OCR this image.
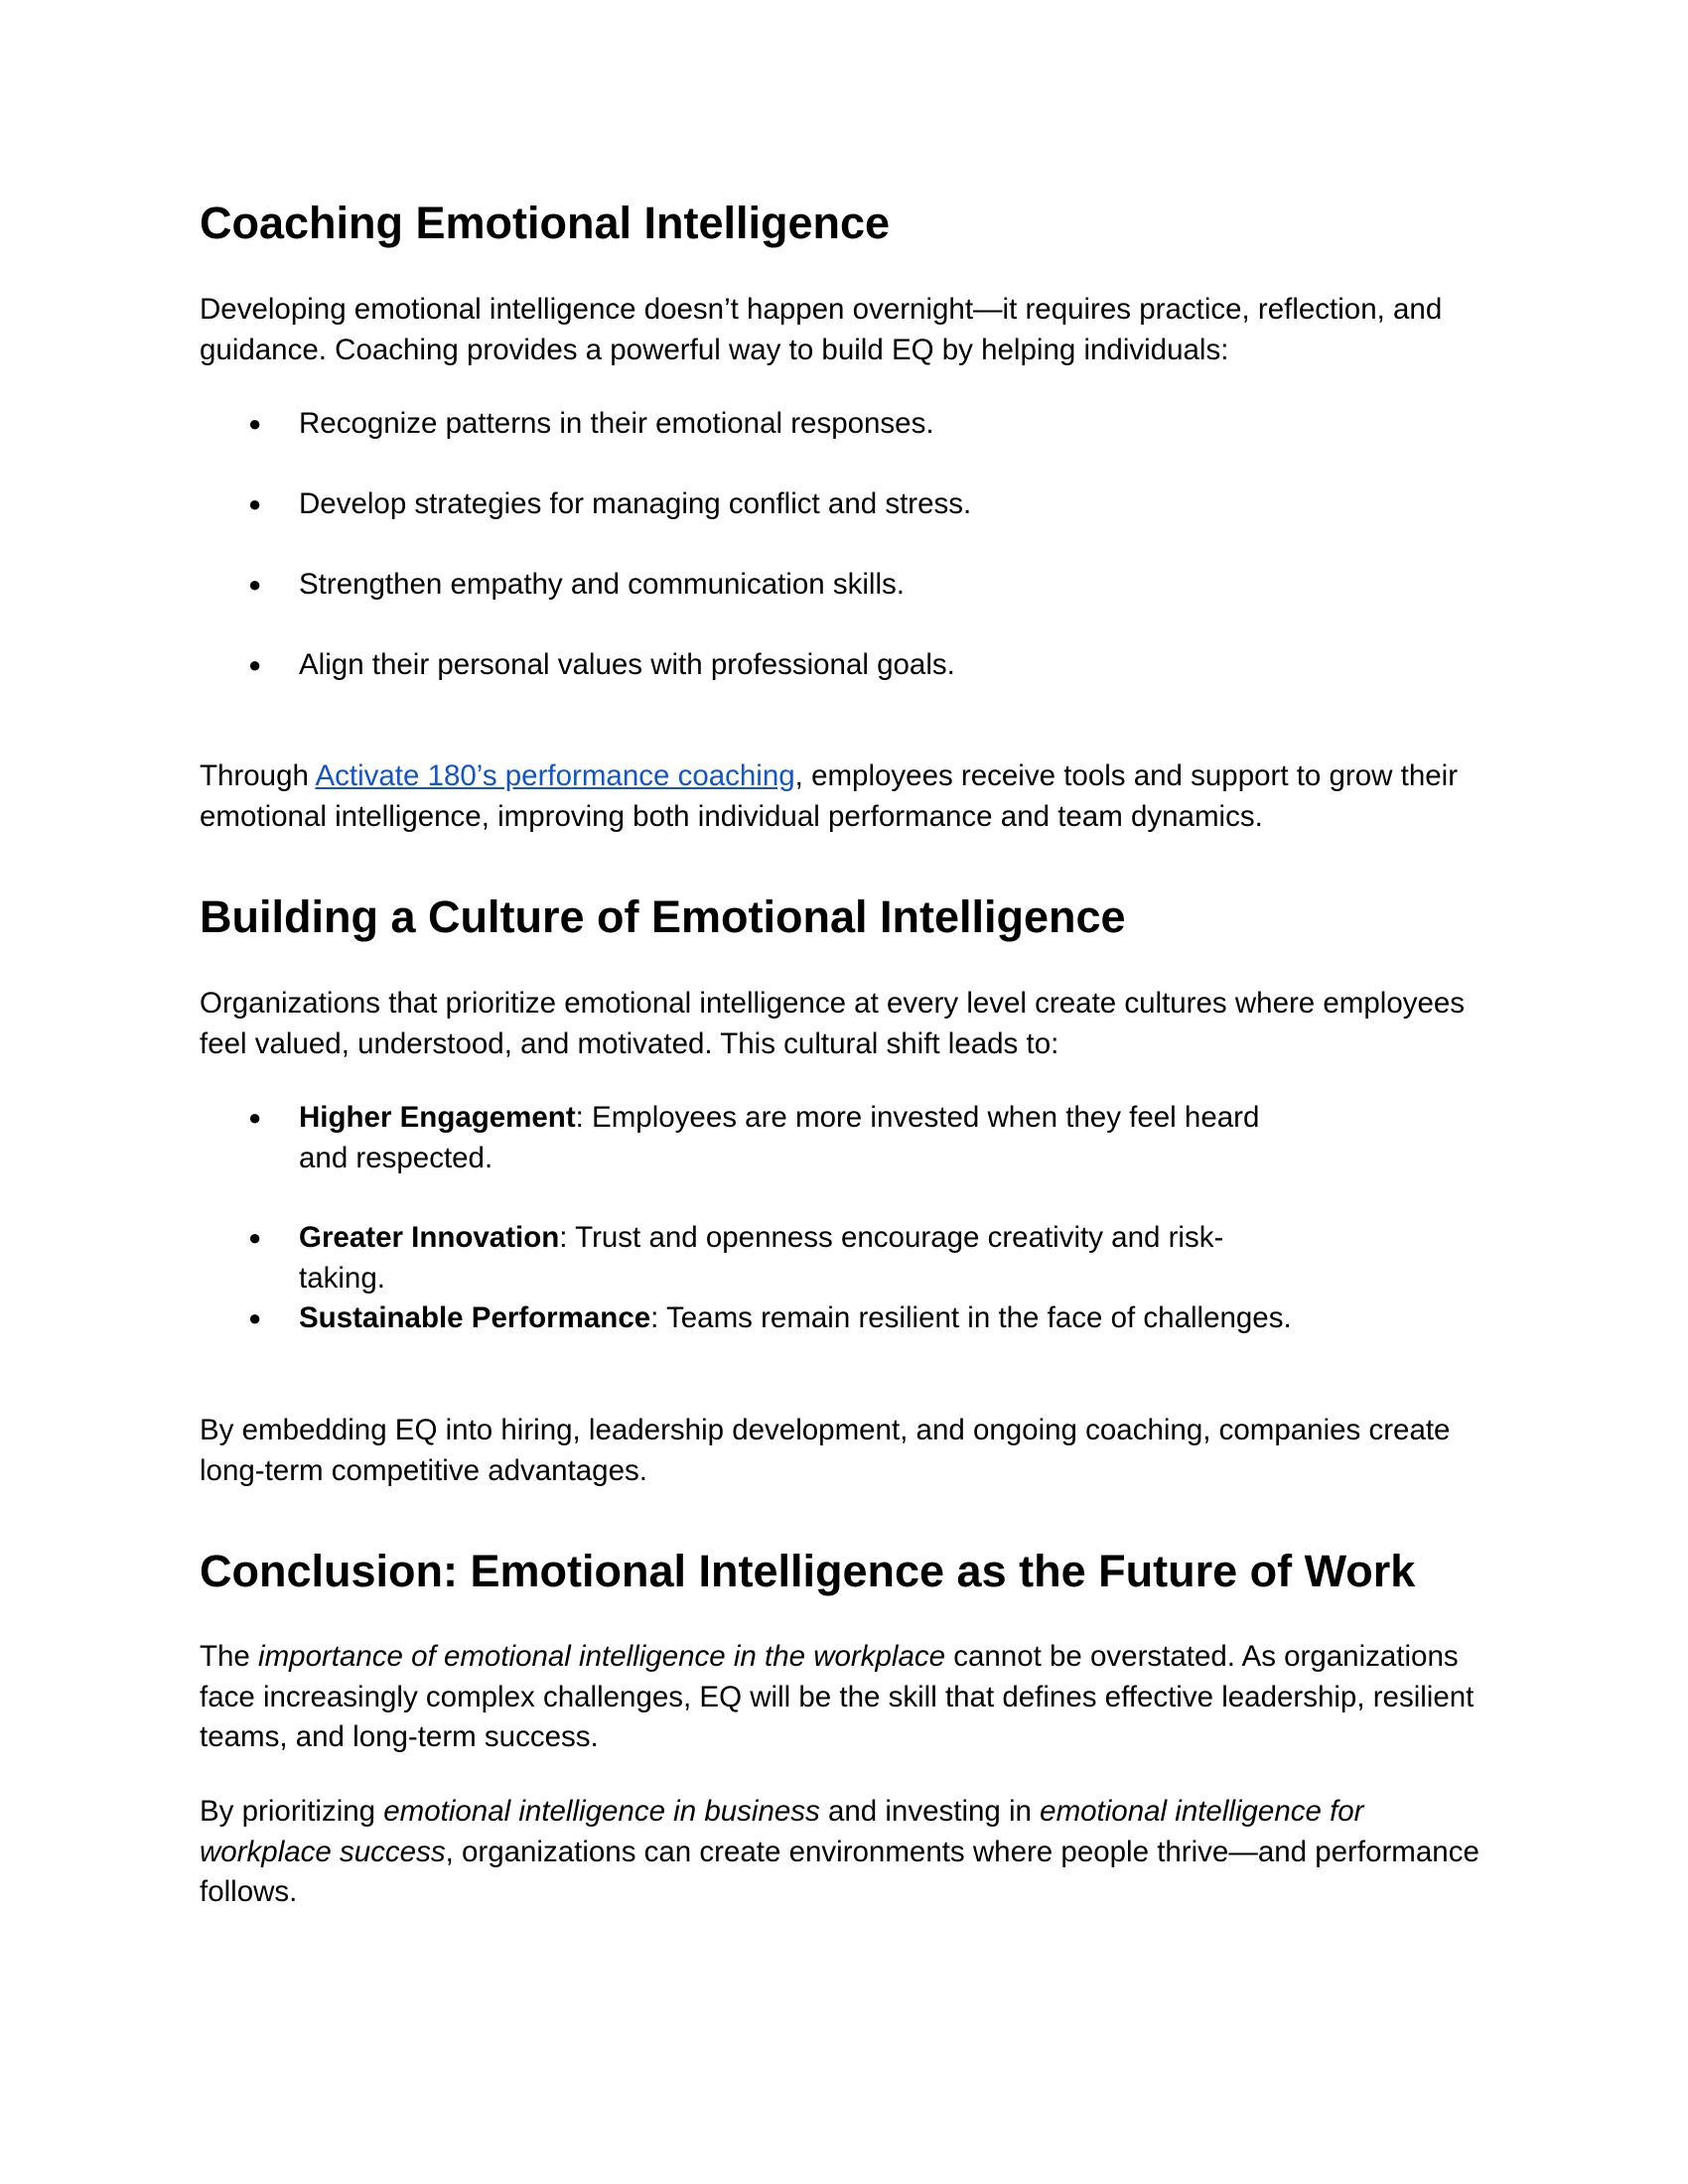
Coaching Emotional Intelligence

Developing emotional intelligence doesn’t happen overnight—it requires practice, reflection, and guidance. Coaching provides a powerful way to build EQ by helping individuals:

● Recognize patterns in their emotional responses.
● Develop strategies for managing conflict and stress.
● Strengthen empathy and communication skills.
● Align their personal values with professional goals.

Through Activate 180’s performance coaching, employees receive tools and support to grow their emotional intelligence, improving both individual performance and team dynamics.

Building a Culture of Emotional Intelligence

Organizations that prioritize emotional intelligence at every level create cultures where employees feel valued, understood, and motivated. This cultural shift leads to:

● Higher Engagement: Employees are more invested when they feel heard and respected.
● Greater Innovation: Trust and openness encourage creativity and risk-taking.
● Sustainable Performance: Teams remain resilient in the face of challenges.

By embedding EQ into hiring, leadership development, and ongoing coaching, companies create long-term competitive advantages.

Conclusion: Emotional Intelligence as the Future of Work

The importance of emotional intelligence in the workplace cannot be overstated. As organizations face increasingly complex challenges, EQ will be the skill that defines effective leadership, resilient teams, and long-term success.

By prioritizing emotional intelligence in business and investing in emotional intelligence for workplace success, organizations can create environments where people thrive—and performance follows.
